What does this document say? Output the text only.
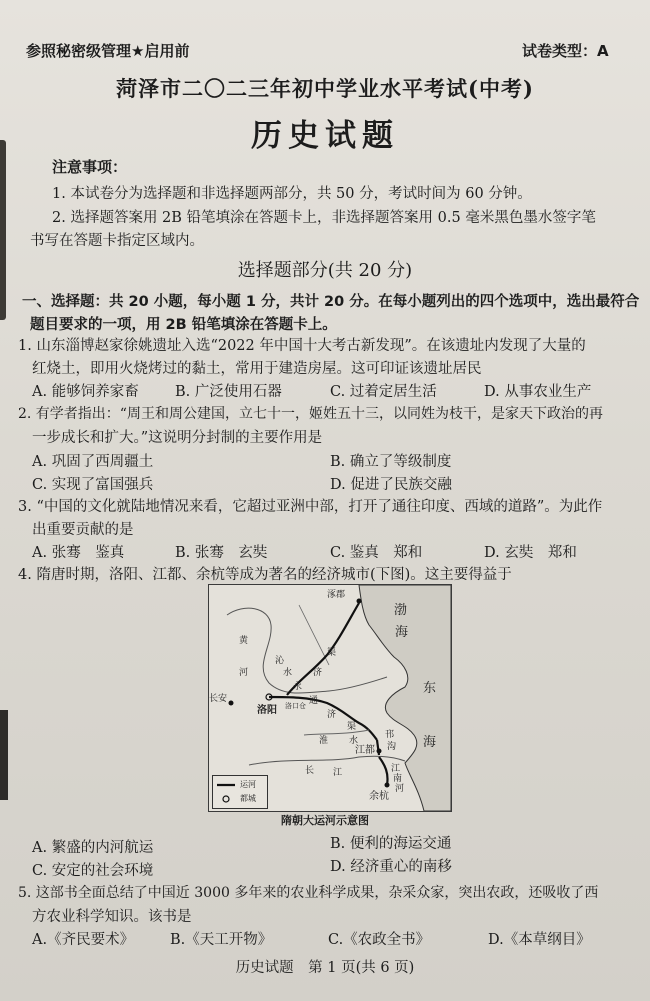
参照秘密级管理★启用前	试卷类型：A
菏泽市二〇二三年初中学业水平考试(中考)
历史试题
注意事项：
1. 本试卷分为选择题和非选择题两部分，共 50 分，考试时间为 60 分钟。
2. 选择题答案用 2B 铅笔填涂在答题卡上，非选择题答案用 0.5 毫米黑色墨水签字笔
书写在答题卡指定区域内。
选择题部分(共 20 分)
一、选择题：共 20 小题，每小题 1 分，共计 20 分。在每小题列出的四个选项中，选出最符合
题目要求的一项，用 2B 铅笔填涂在答题卡上。
1. 山东淄博赵家徐姚遗址入选“2022 年中国十大考古新发现”。在该遗址内发现了大量的
红烧土，即用火烧烤过的黏土，常用于建造房屋。这可印证该遗址居民
A. 能够饲养家畜	B. 广泛使用石器	C. 过着定居生活	D. 从事农业生产
2. 有学者指出：“周王和周公建国，立七十一，姬姓五十三，以同姓为枝干，是家天下政治的再
一步成长和扩大。”这说明分封制的主要作用是
A. 巩固了西周疆土	B. 确立了等级制度
C. 实现了富国强兵	D. 促进了民族交融
3. “中国的文化就陆地情况来看，它超过亚洲中部，打开了通往印度、西域的道路”。为此作
出重要贡献的是
A. 张骞　鉴真	B. 张骞　玄奘	C. 鉴真　郑和	D. 玄奘　郑和
4. 隋唐时期，洛阳、江都、余杭等成为著名的经济城市(下图)。这主要得益于
涿郡
渤
海
东
海
黄
河
沁
水
永
济
渠
通
济
渠
长安
洛阳 洛口仓
淮 水
江都
邗
沟
江
南
河
余杭
长 江
运河
都城
隋朝大运河示意图
A. 繁盛的内河航运	B. 便利的海运交通
C. 安定的社会环境	D. 经济重心的南移
5. 这部书全面总结了中国近 3000 多年来的农业科学成果，杂采众家，突出农政，还吸收了西
方农业科学知识。该书是
A.《齐民要术》 B.《天工开物》	C.《农政全书》	D.《本草纲目》
历史试题　第 1 页(共 6 页)
